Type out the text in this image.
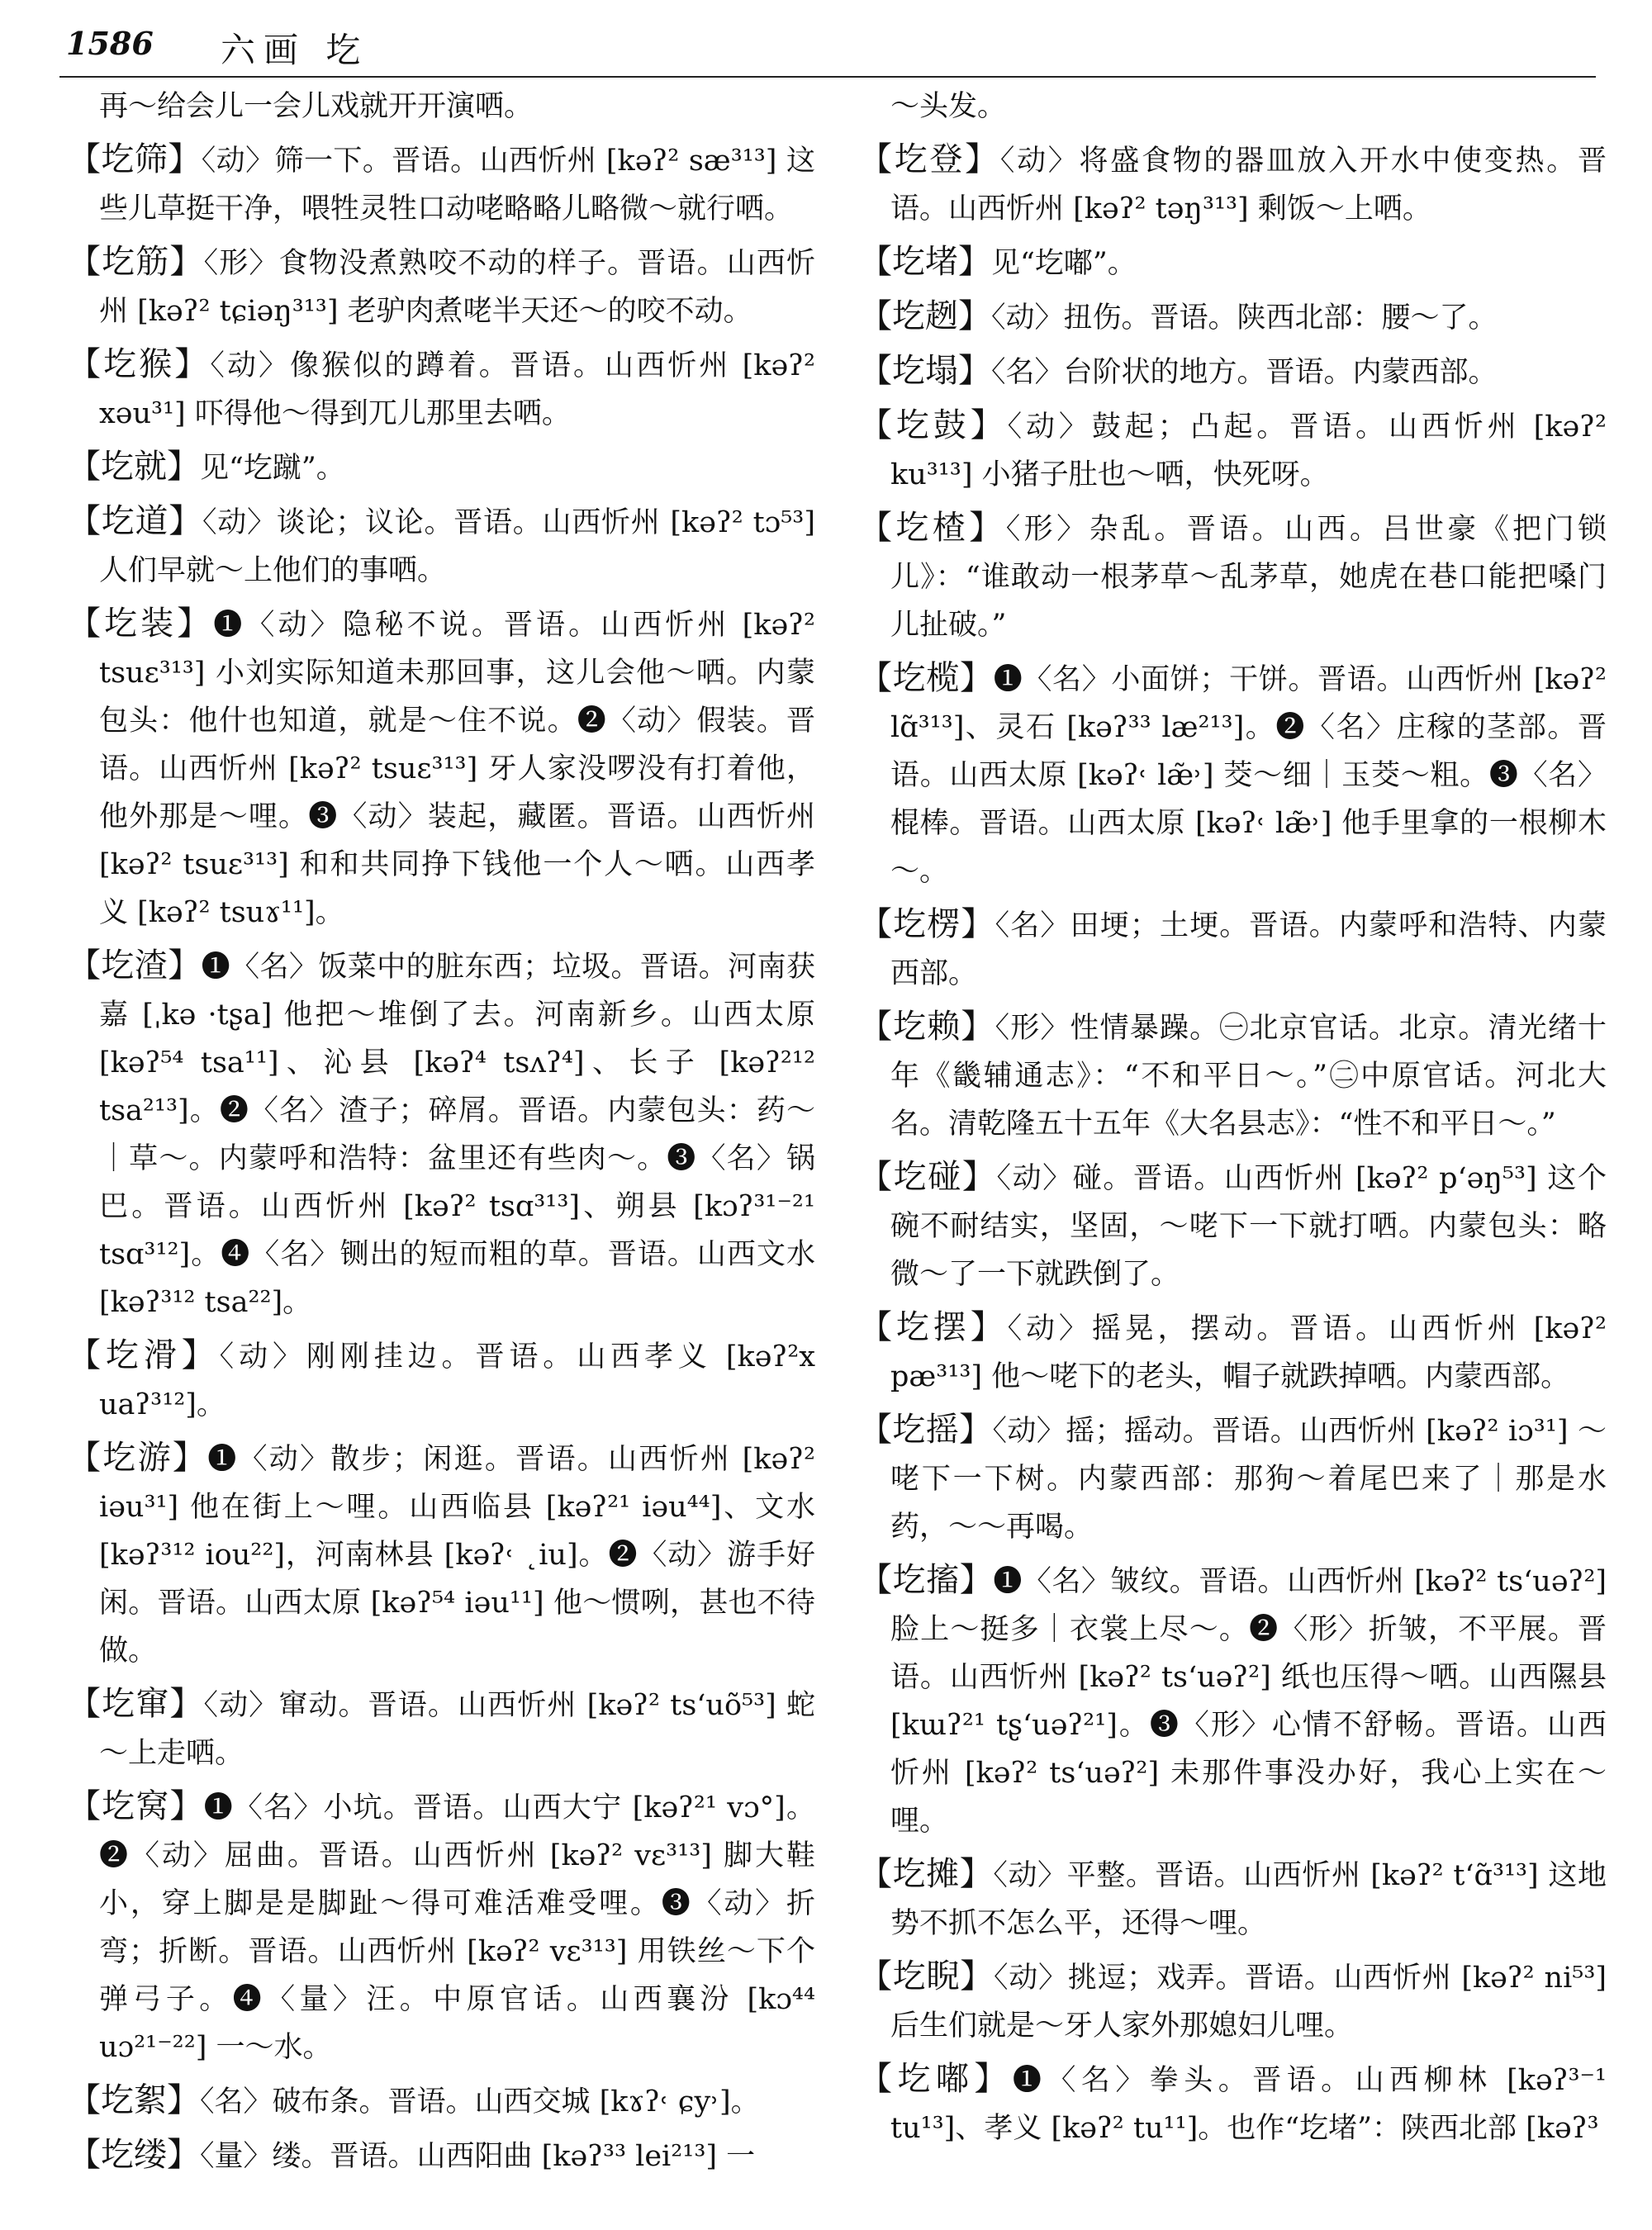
1586 六画 圪

再～给会儿一会儿戏就开开演哂。

【圪筛】〈动〉筛一下。晋语。山西忻州 [kəʔ² sæ³¹³] 这些儿草挺干净，喂牲灵牲口动咾略略儿略微～就行哂。

【圪筋】〈形〉食物没煮熟咬不动的样子。晋语。山西忻州 [kəʔ² tɕiəŋ³¹³] 老驴肉煮咾半天还～的咬不动。

【圪猴】〈动〉像猴似的蹲着。晋语。山西忻州 [kəʔ² xəu³¹] 吓得他～得到兀儿那里去哂。

【圪就】见“圪蹴”。

【圪道】〈动〉谈论；议论。晋语。山西忻州 [kəʔ² tɔ⁵³] 人们早就～上他们的事哂。

【圪装】❶〈动〉隐秘不说。晋语。山西忻州 [kəʔ² tsuɛ³¹³] 小刘实际知道未那回事，这儿会他～哂。内蒙包头：他什也知道，就是～住不说。❷〈动〉假装。晋语。山西忻州 [kəʔ² tsuɛ³¹³] 牙人家没啰没有打着他，他外那是～哩。❸〈动〉装起，藏匿。晋语。山西忻州 [kəʔ² tsuɛ³¹³] 和和共同挣下钱他一个人～哂。山西孝义 [kəʔ² tsuɤ¹¹]。

【圪渣】❶〈名〉饭菜中的脏东西；垃圾。晋语。河南获嘉 [ˌkə ·tʂa] 他把～堆倒了去。河南新乡。山西太原 [kəʔ⁵⁴ tsa¹¹]、沁县 [kəʔ⁴ tsʌʔ⁴]、长子 [kəʔ²¹² tsa²¹³]。❷〈名〉渣子；碎屑。晋语。内蒙包头：药～｜草～。内蒙呼和浩特：盆里还有些肉～。❸〈名〉锅巴。晋语。山西忻州 [kəʔ² tsɑ³¹³]、朔县 [kɔʔ³¹⁻²¹ tsɑ³¹²]。❹〈名〉铡出的短而粗的草。晋语。山西文水 [kəʔ³¹² tsa²²]。

【圪滑】〈动〉刚刚挂边。晋语。山西孝义 [kəʔ²x uaʔ³¹²]。

【圪游】❶〈动〉散步；闲逛。晋语。山西忻州 [kəʔ² iəu³¹] 他在街上～哩。山西临县 [kəʔ²¹ iəu⁴⁴]、文水 [kəʔ³¹² iou²²]，河南林县 [kəʔ˓ ˛iu]。❷〈动〉游手好闲。晋语。山西太原 [kəʔ⁵⁴ iəu¹¹] 他～惯咧，甚也不待做。

【圪窜】〈动〉窜动。晋语。山西忻州 [kəʔ² tsʻuõ⁵³] 蛇～上走哂。

【圪窝】❶〈名〉小坑。晋语。山西大宁 [kəʔ²¹ vɔ°]。❷〈动〉屈曲。晋语。山西忻州 [kəʔ² vɛ³¹³] 脚大鞋小，穿上脚是是脚趾～得可难活难受哩。❸〈动〉折弯；折断。晋语。山西忻州 [kəʔ² vɛ³¹³] 用铁丝～下个弹弓子。❹〈量〉汪。中原官话。山西襄汾 [kɔ⁴⁴ uɔ²¹⁻²²] 一～水。

【圪絮】〈名〉破布条。晋语。山西交城 [kɤʔ˓ ɕy˒]。

【圪缕】〈量〉缕。晋语。山西阳曲 [kəʔ³³ lei²¹³] 一

～头发。

【圪登】〈动〉将盛食物的器皿放入开水中使变热。晋语。山西忻州 [kəʔ² təŋ³¹³] 剩饭～上哂。

【圪堵】见“圪嘟”。

【圪趔】〈动〉扭伤。晋语。陕西北部：腰～了。

【圪塌】〈名〉台阶状的地方。晋语。内蒙西部。

【圪鼓】〈动〉鼓起；凸起。晋语。山西忻州 [kəʔ² ku³¹³] 小猪子肚也～哂，快死呀。

【圪楂】〈形〉杂乱。晋语。山西。吕世豪《把门锁儿》：“谁敢动一根茅草～乱茅草，她虎在巷口能把嗓门儿扯破。”

【圪榄】❶〈名〉小面饼；干饼。晋语。山西忻州 [kəʔ² lɑ̃³¹³]、灵石 [kəʔ³³ læ²¹³]。❷〈名〉庄稼的茎部。晋语。山西太原 [kəʔ˓ læ̃˒] 茭～细｜玉茭～粗。❸〈名〉棍棒。晋语。山西太原 [kəʔ˓ læ̃˒] 他手里拿的一根柳木～。

【圪楞】〈名〉田埂；土埂。晋语。内蒙呼和浩特、内蒙西部。

【圪赖】〈形〉性情暴躁。㊀北京官话。北京。清光绪十年《畿辅通志》：“不和平日～。”㊁中原官话。河北大名。清乾隆五十五年《大名县志》：“性不和平日～。”

【圪碰】〈动〉碰。晋语。山西忻州 [kəʔ² pʻəŋ⁵³] 这个碗不耐结实，坚固，～咾下一下就打哂。内蒙包头：略微～了一下就跌倒了。

【圪摆】〈动〉摇晃，摆动。晋语。山西忻州 [kəʔ² pæ³¹³] 他～咾下的老头，帽子就跌掉哂。内蒙西部。

【圪摇】〈动〉摇；摇动。晋语。山西忻州 [kəʔ² iɔ³¹] ～咾下一下树。内蒙西部：那狗～着尾巴来了｜那是水药，～～再喝。

【圪搐】❶〈名〉皱纹。晋语。山西忻州 [kəʔ² tsʻuəʔ²] 脸上～挺多｜衣裳上尽～。❷〈形〉折皱，不平展。晋语。山西忻州 [kəʔ² tsʻuəʔ²] 纸也压得～哂。山西隰县 [kɯʔ²¹ tʂʻuəʔ²¹]。❸〈形〉心情不舒畅。晋语。山西忻州 [kəʔ² tsʻuəʔ²] 未那件事没办好，我心上实在～哩。

【圪摊】〈动〉平整。晋语。山西忻州 [kəʔ² tʻɑ̃³¹³] 这地势不抓不怎么平，还得～哩。

【圪睨】〈动〉挑逗；戏弄。晋语。山西忻州 [kəʔ² ni⁵³] 后生们就是～牙人家外那媳妇儿哩。

【圪嘟】❶〈名〉拳头。晋语。山西柳林 [kəʔ³⁻¹ tu¹³]、孝义 [kəʔ² tu¹¹]。也作“圪堵”：陕西北部 [kəʔ³
